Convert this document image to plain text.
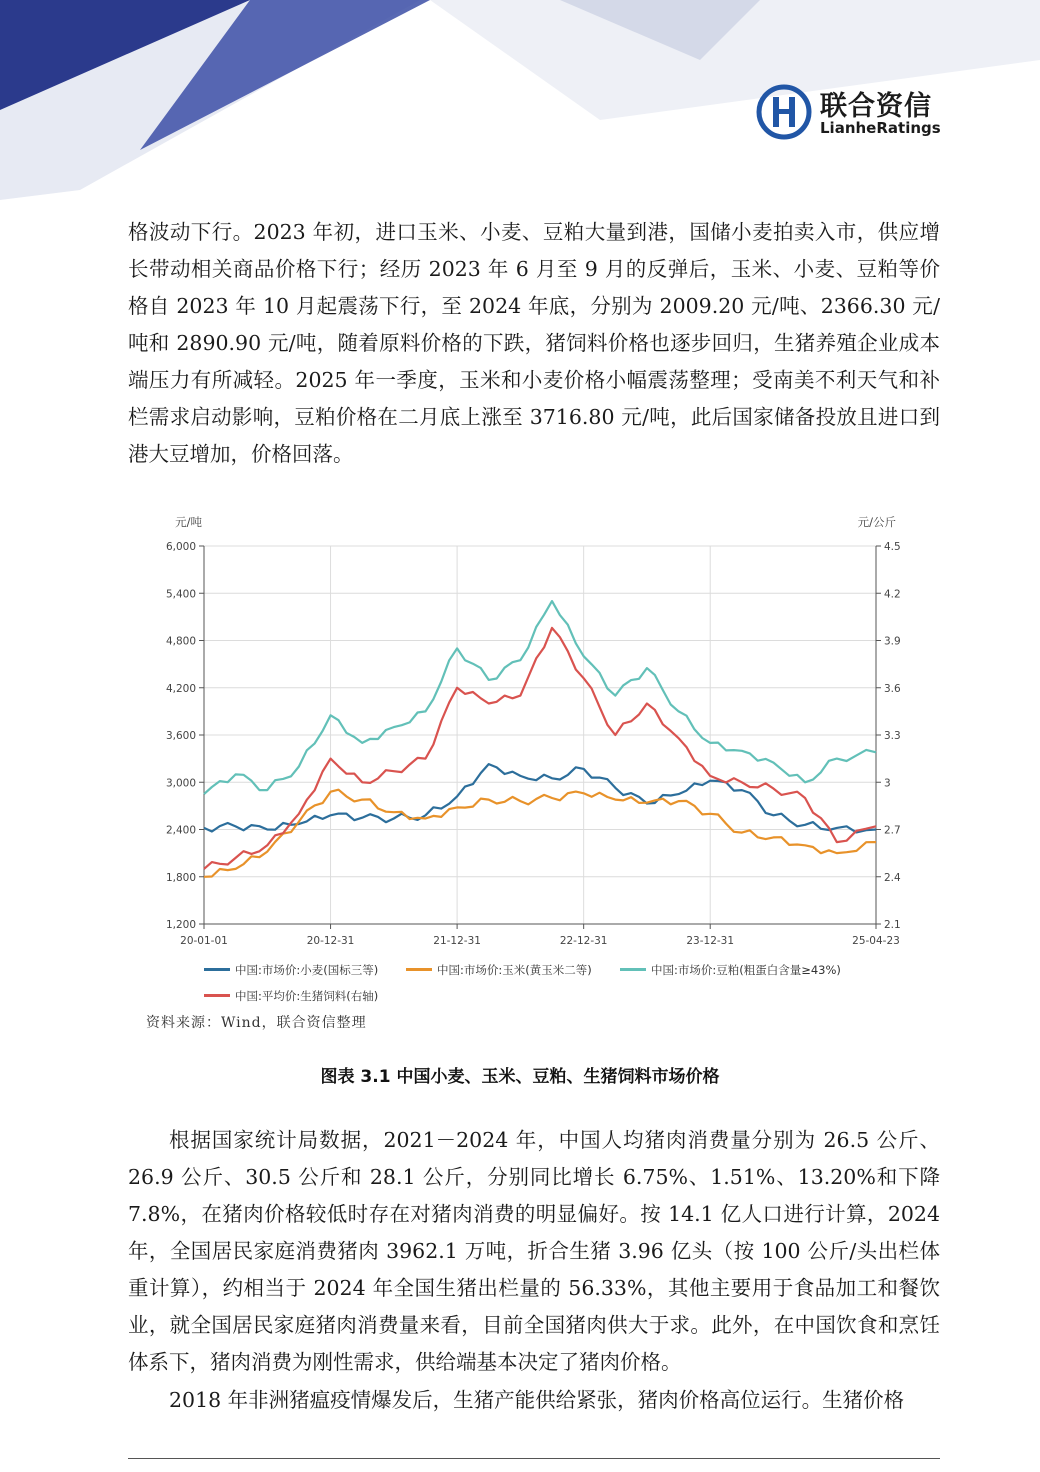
联合资信
LianheRatings
格波动下行。2023 年初，进口玉米、小麦、豆粕大量到港，国储小麦拍卖入市，供应增长带动相关商品价格下行；经历 2023 年 6 月至 9 月的反弹后，玉米、小麦、豆粕等价格自 2023 年 10 月起震荡下行，至 2024 年底，分别为 2009.20 元/吨、2366.30 元/吨和 2890.90 元/吨，随着原料价格的下跌，猪饲料价格也逐步回归，生猪养殖企业成本端压力有所减轻。2025 年一季度，玉米和小麦价格小幅震荡整理；受南美不利天气和补栏需求启动影响，豆粕价格在二月底上涨至 3716.80 元/吨，此后国家储备投放且进口到港大豆增加，价格回落。
1,200	2.1
1,800	2.4
2,400	2.7
3,000	3
3,600	3.3
4,200	3.6
4,800	3.9
5,400	4.2
6,000	4.5
20-01-01	20-12-31	21-12-31	22-12-31	23-12-31	25-04-23
元/吨	元/公斤
资料来源：Wind，联合资信整理
中国:市场价:小麦(国标三等)	中国:市场价:玉米(黄玉米二等)	中国:市场价:豆粕(粗蛋白含量≥43%)
中国:平均价:生猪饲料(右轴)
图表 3.1 中国小麦、玉米、豆粕、生猪饲料市场价格
根据国家统计局数据，2021－2024 年，中国人均猪肉消费量分别为 26.5 公斤、26.9 公斤、30.5 公斤和 28.1 公斤，分别同比增长 6.75%、1.51%、13.20%和下降 7.8%，在猪肉价格较低时存在对猪肉消费的明显偏好。按 14.1 亿人口进行计算，2024 年，全国居民家庭消费猪肉 3962.1 万吨，折合生猪 3.96 亿头（按 100 公斤/头出栏体重计算），约相当于 2024 年全国生猪出栏量的 56.33%，其他主要用于食品加工和餐饮业，就全国居民家庭猪肉消费量来看，目前全国猪肉供大于求。此外，在中国饮食和烹饪体系下，猪肉消费为刚性需求，供给端基本决定了猪肉价格。
2018 年非洲猪瘟疫情爆发后，生猪产能供给紧张，猪肉价格高位运行。生猪价格
